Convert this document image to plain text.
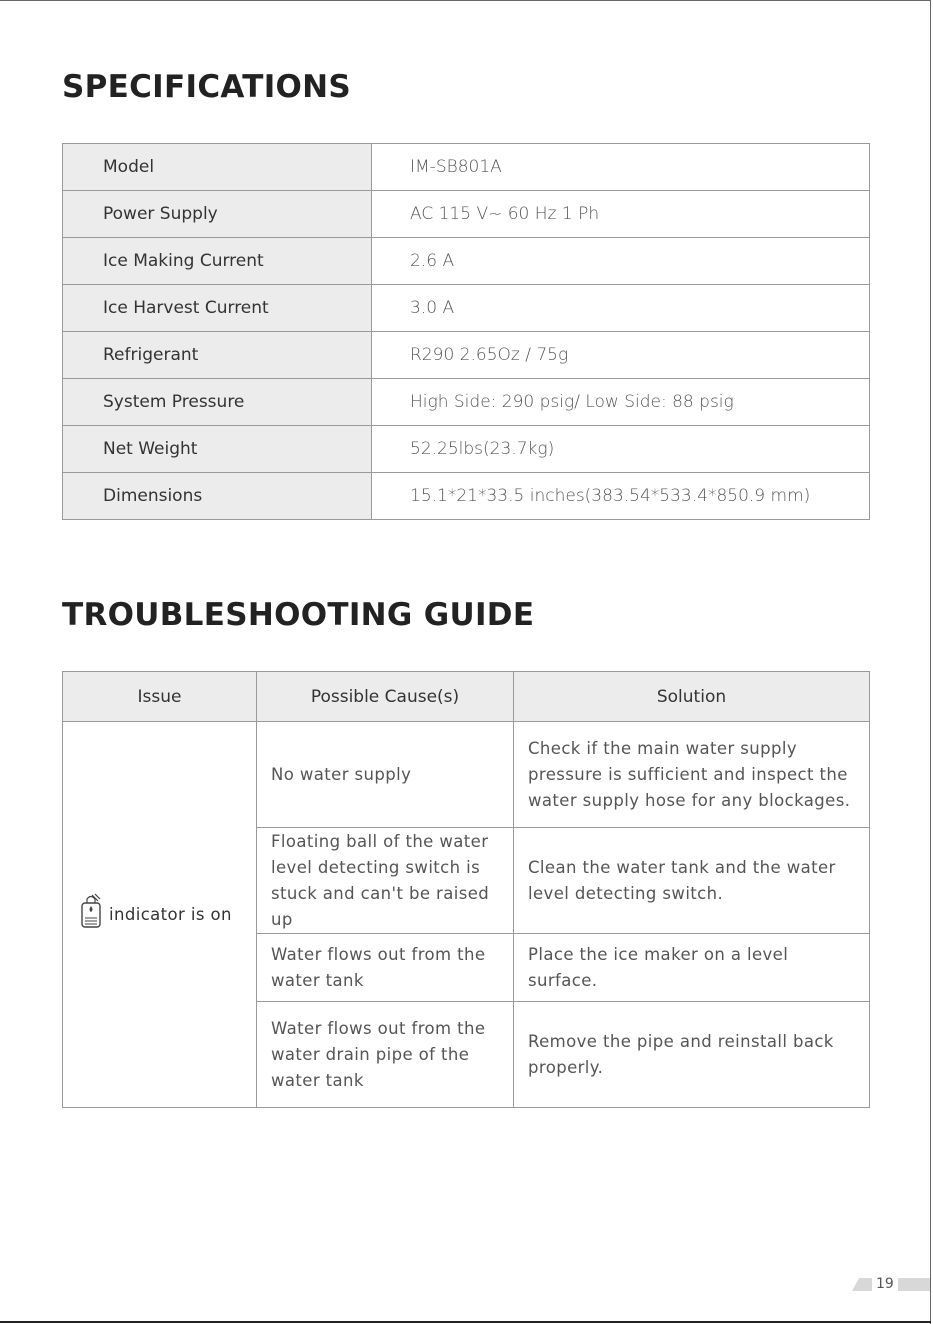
SPECIFICATIONS
Model	IM-SB801A
Power Supply	AC 115 V~ 60 Hz 1 Ph
Ice Making Current	2.6 A
Ice Harvest Current	3.0 A
Refrigerant	R290 2.65Oz / 75g
System Pressure	High Side: 290 psig/ Low Side: 88 psig
Net Weight	52.25lbs(23.7kg)
Dimensions	15.1*21*33.5 inches(383.54*533.4*850.9 mm)
TROUBLESHOOTING GUIDE
Issue	Possible Cause(s)	Solution

indicator is on	No water supply	Check if the main water supply pressure is sufficient and inspect the water supply hose for any blockages.
	Floating ball of the water level detecting switch is stuck and can't be raised up	Clean the water tank and the water level detecting switch.
	Water flows out from the water tank	Place the ice maker on a level surface.
	Water flows out from the water drain pipe of the water tank	Remove the pipe and reinstall back properly.
19
